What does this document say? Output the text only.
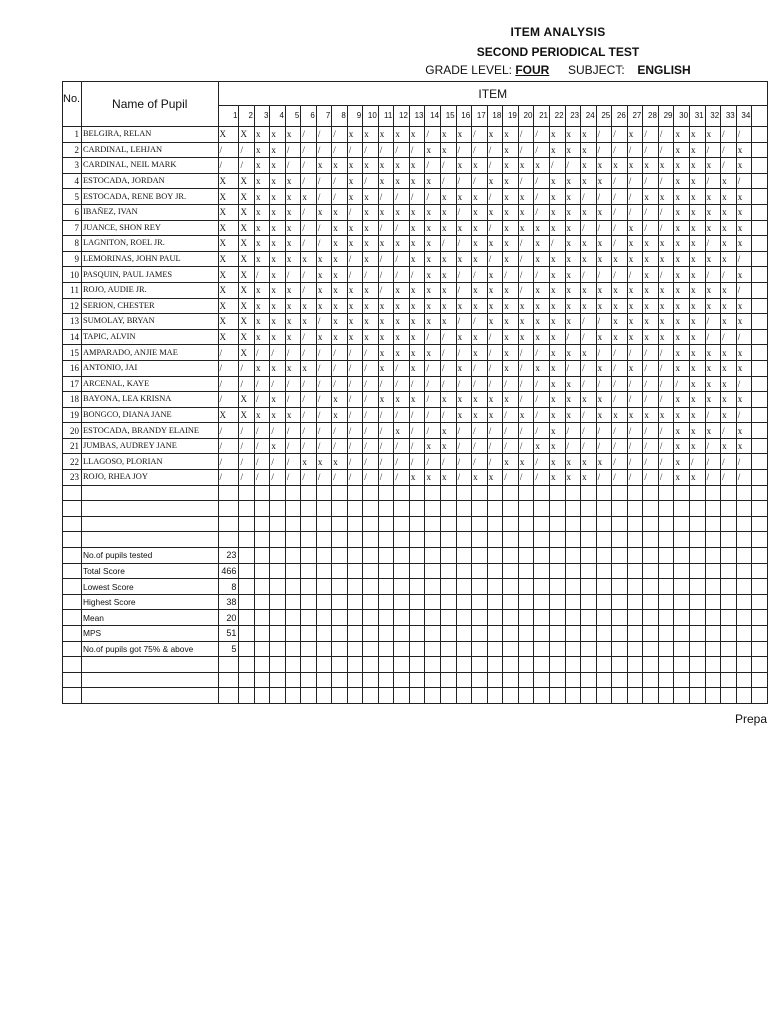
ITEM ANALYSIS
SECOND PERIODICAL TEST
GRADE LEVEL: FOUR SUBJECT: ENGLISH
No.	Name of Pupil	ITEM																																		
		1	2	3	4	5	6	7	8	9	10	11	12	13	14	15	16	17	18	19	20	21	22	23	24	25	26	27	28	29	30	31	32	33	34	
1	BELGIRA, RELAN	X	X	x	x	x	/	/	/	x	x	x	x	x	/	x	x	/	x	x	/	/	x	x	x	/	/	x	/	/	x	x	x	/	/	
2	CARDINAL, LEHJAN	/	/	x	x	/	/	/	/	/	/	/	/	/	x	x	/	/	/	x	/	/	x	x	x	/	/	/	/	/	x	x	/	/	x	
3	CARDINAL, NEIL MARK	/	/	x	x	/	/	x	x	x	x	x	x	x	/	/	x	x	/	x	x	x	/	/	x	x	x	x	x	x	x	x	x	/	x	
4	ESTOCADA, JORDAN	X	X	x	x	x	/	/	/	x	/	x	x	x	x	/	/	/	x	x	/	/	x	x	x	x	/	/	/	/	x	x	/	x	/	
5	ESTOCADA, RENE BOY JR.	X	X	x	x	x	x	/	/	x	x	/	/	/	/	x	x	x	/	x	x	/	x	x	/	/	/	/	x	x	x	x	x	x	x	
6	IBAÑEZ, IVAN	X	X	x	x	x	/	x	x	/	x	x	x	x	x	x	/	x	x	x	x	/	x	x	x	x	/	/	/	/	x	x	x	x	x	
7	JUANCE, SHON REY	X	X	x	x	x	/	/	x	x	x	/	/	x	x	x	x	x	/	x	x	x	x	x	/	/	/	x	/	/	x	x	x	x	x	
8	LAGNITON, ROEL JR.	X	X	x	x	x	/	/	x	x	x	x	x	x	x	/	/	x	x	x	/	x	/	x	x	x	/	x	x	x	x	x	/	x	x	
9	LEMORINAS, JOHN PAUL	X	X	x	x	x	x	x	x	/	x	/	/	x	x	x	x	x	/	x	/	x	x	x	x	x	x	x	x	x	x	x	x	x	/	
10	PASQUIN, PAUL JAMES	X	X	/	x	/	/	x	x	/	/	/	/	/	x	x	/	/	x	/	/	/	x	x	/	/	/	/	x	/	x	x	/	/	x	
11	ROJO, AUDIE JR.	X	X	x	x	x	/	x	x	x	x	/	x	x	x	x	/	x	x	x	/	x	x	x	x	x	x	x	x	x	x	x	x	x	/	
12	SERION, CHESTER	X	X	x	x	x	x	x	x	x	x	x	x	x	x	x	x	x	x	x	x	x	x	x	x	x	x	x	x	x	x	x	x	x	x	
13	SUMOLAY, BRYAN	X	X	x	x	x	x	/	x	x	x	x	x	x	x	x	/	/	x	x	x	x	x	x	/	/	x	x	x	x	x	x	/	x	x	
14	TAPIC, ALVIN	X	X	x	x	x	/	x	x	x	x	x	x	x	/	/	x	x	/	x	x	x	x	/	/	x	x	x	x	x	x	x	/	/	/	
15	AMPARADO, ANJIE MAE	/	X	/	/	/	/	/	/	/	/	x	x	x	x	/	/	x	/	x	/	/	x	x	x	/	/	/	/	/	x	x	x	x	x	
16	ANTONIO, JAI	/	/	x	x	x	x	/	/	/	/	x	/	x	/	/	x	/	/	x	/	x	x	/	/	x	/	x	/	/	x	x	x	x	x	
17	ARCENAL, KAYE	/	/	/	/	/	/	/	/	/	/	/	/	/	/	/	/	/	/	/	/	/	x	x	/	/	/	/	/	/	/	x	x	x	/	
18	BAYONA, LEA KRISNA	/	X	/	x	/	/	/	x	/	/	x	x	x	/	x	x	x	x	x	/	/	x	x	x	x	/	/	/	/	x	x	x	x	x	
19	BONGCO, DIANA JANE	X	X	x	x	x	/	/	x	/	/	/	/	/	/	/	x	x	x	/	x	/	x	x	/	x	x	x	x	x	x	x	/	x	/	
20	ESTOCADA, BRANDY ELAINE	/	/	/	/	/	/	/	/	/	/	/	x	/	/	x	/	/	/	/	/	/	x	/	/	/	/	/	/	/	x	x	x	/	x	
21	JUMBAS, AUDREY JANE	/	/	/	x	/	/	/	/	/	/	/	/	/	x	x	/	/	/	/	/	x	x	/	/	/	/	/	/	/	x	x	/	x	x	
22	LLAGOSO, PLORIAN	/	/	/	/	/	x	x	x	/	/	/	/	/	/	/	/	/	/	x	x	/	x	x	x	x	/	/	/	/	x	/	/	/	/	
23	ROJO, RHEA JOY	/	/	/	/	/	/	/	/	/	/	/	/	x	x	x	/	x	x	/	/	/	x	x	x	/	/	/	/	/	x	x	/	/	/	

	No.of pupils tested	23																																		
	Total Score	466																																		
	Lowest Score	8																																		
	Highest Score	38																																		
	Mean	20																																		
	MPS	51																																		
	No.of pupils got 75% & above	5																																		

Prepa
